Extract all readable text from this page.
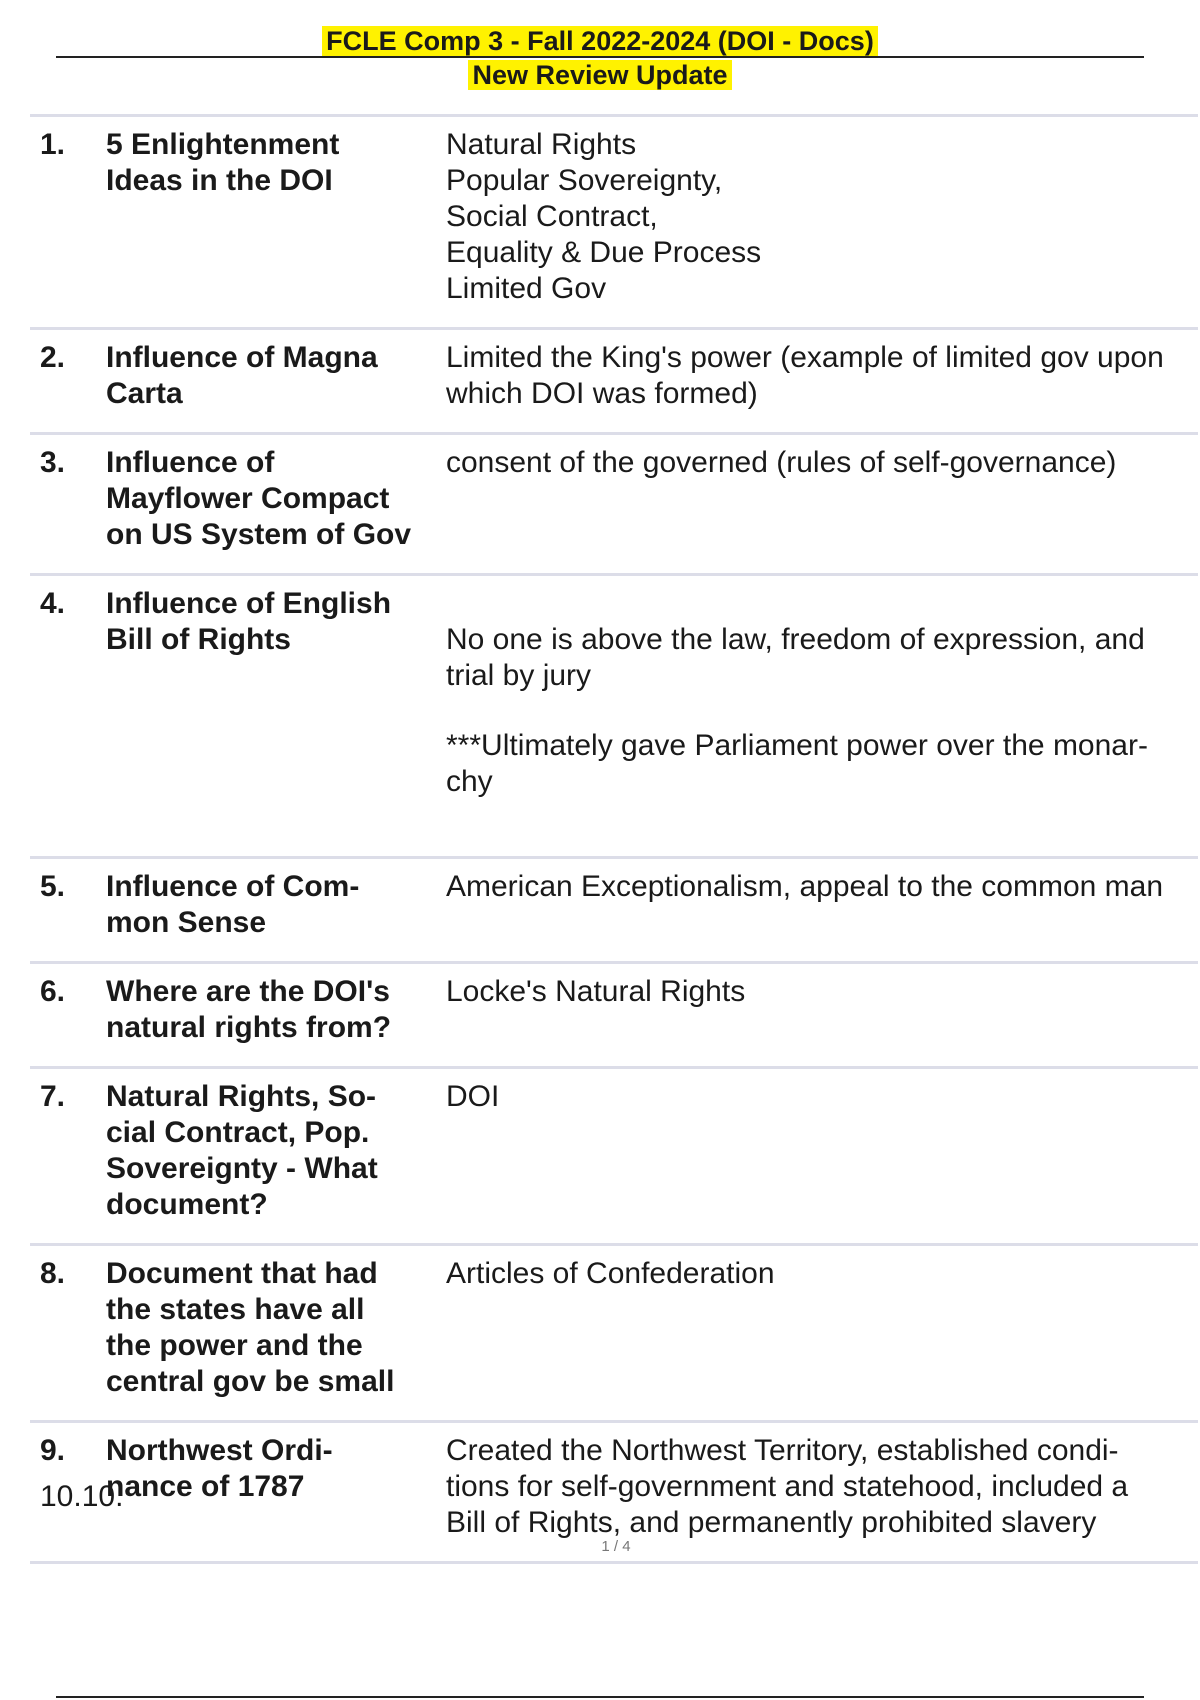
FCLE Comp 3 - Fall 2022-2024 (DOI - Docs)
New Review Update
1.	5 Enlightenment
Ideas in the DOI	Natural Rights
Popular Sovereignty,
Social Contract,
Equality & Due Process
Limited Gov
2.	Influence of Magna
Carta	Limited the King's power (example of limited gov upon
which DOI was formed)
3.	Influence of
Mayflower Compact
on US System of Gov	consent of the governed (rules of self-governance)
4.	Influence of English
Bill of Rights	No one is above the law, freedom of expression, and
trial by jury

***Ultimately gave Parliament power over the monar-
chy

5.	Influence of Com-
mon Sense	American Exceptionalism, appeal to the common man
6.	Where are the DOI's
natural rights from?	Locke's Natural Rights
7.	Natural Rights, So-
cial Contract, Pop.
Sovereignty - What
document?	DOI
8.	Document that had
the states have all
the power and the
central gov be small	Articles of Confederation
9.	Northwest Ordi-
nance of 1787	Created the Northwest Territory, established condi-
tions for self-government and statehood, included a
Bill of Rights, and permanently prohibited slavery
10.10.
1 / 4
